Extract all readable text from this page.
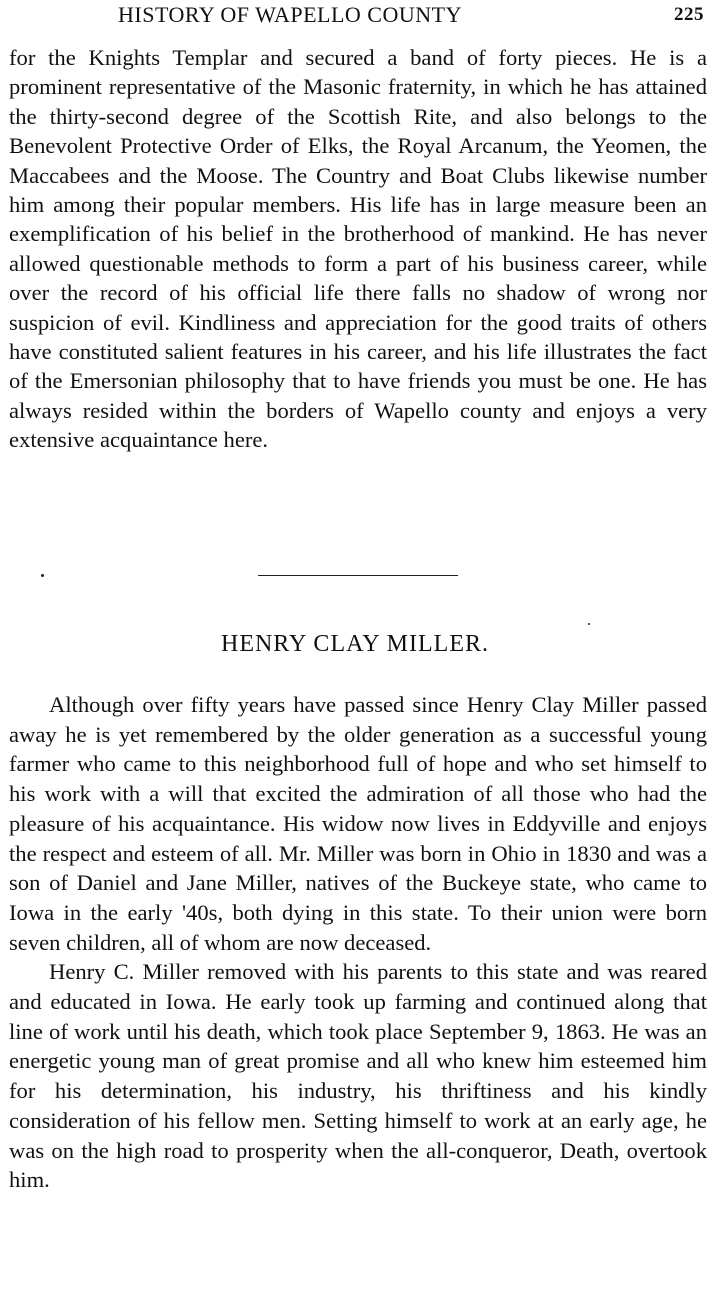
HISTORY OF WAPELLO COUNTY	225

for the Knights Templar and secured a band of forty pieces. He is a prominent representative of the Masonic fraternity, in which he has attained the thirty-second degree of the Scottish Rite, and also belongs to the Benevolent Protective Order of Elks, the Royal Arcanum, the Yeomen, the Maccabees and the Moose. The Country and Boat Clubs likewise number him among their popular members. His life has in large measure been an exemplification of his belief in the brotherhood of mankind. He has never allowed questionable methods to form a part of his business career, while over the record of his official life there falls no shadow of wrong nor suspicion of evil. Kindliness and appreciation for the good traits of others have constituted salient features in his career, and his life illustrates the fact of the Emersonian philosophy that to have friends you must be one. He has always resided within the borders of Wapello county and enjoys a very extensive acquaintance here.

HENRY CLAY MILLER.

Although over fifty years have passed since Henry Clay Miller passed away he is yet remembered by the older generation as a successful young farmer who came to this neighborhood full of hope and who set himself to his work with a will that excited the admiration of all those who had the pleasure of his acquaintance. His widow now lives in Eddyville and enjoys the respect and esteem of all. Mr. Miller was born in Ohio in 1830 and was a son of Daniel and Jane Miller, natives of the Buckeye state, who came to Iowa in the early '40s, both dying in this state. To their union were born seven children, all of whom are now deceased.

Henry C. Miller removed with his parents to this state and was reared and educated in Iowa. He early took up farming and continued along that line of work until his death, which took place September 9, 1863. He was an energetic young man of great promise and all who knew him esteemed him for his determination, his industry, his thriftiness and his kindly consideration of his fellow men. Setting himself to work at an early age, he was on the high road to prosperity when the all-conqueror, Death, overtook him.
